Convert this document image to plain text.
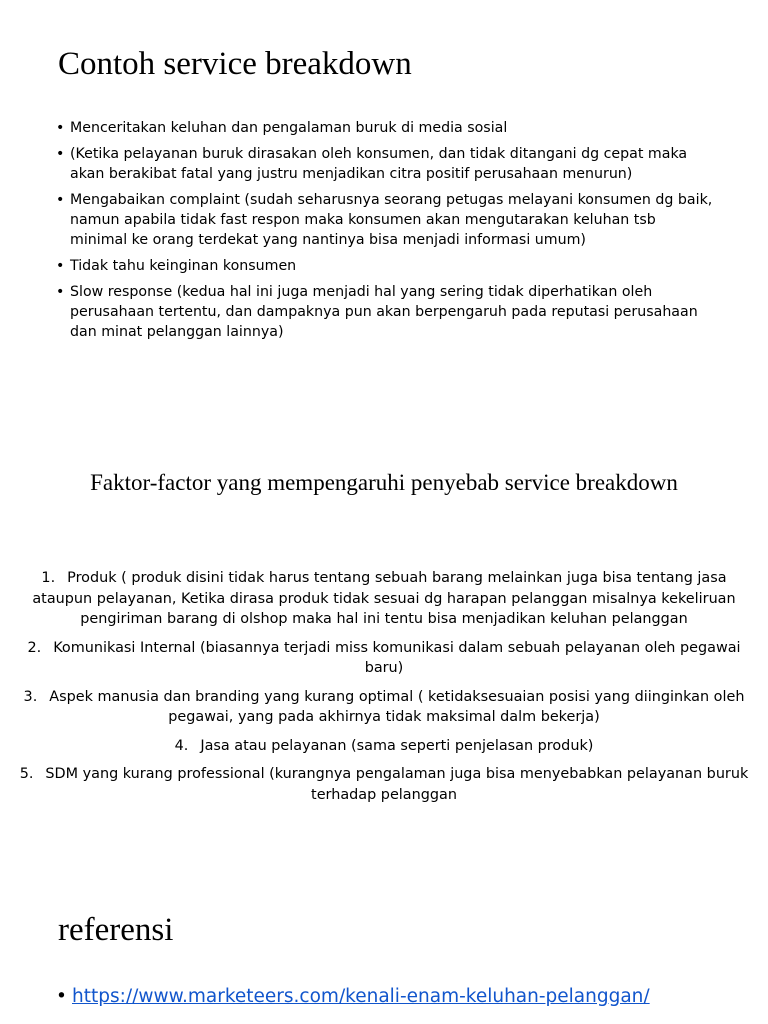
Contoh service breakdown
• Menceritakan keluhan dan pengalaman buruk di media sosial
• (Ketika pelayanan buruk dirasakan oleh konsumen, dan tidak ditangani dg cepat maka akan berakibat fatal yang justru menjadikan citra positif perusahaan menurun)
• Mengabaikan complaint (sudah seharusnya seorang petugas melayani konsumen dg baik, namun apabila tidak fast respon maka konsumen akan mengutarakan keluhan tsb minimal ke orang terdekat yang nantinya bisa menjadi informasi umum)
• Tidak tahu keinginan konsumen
• Slow response (kedua hal ini juga menjadi hal yang sering tidak diperhatikan oleh perusahaan tertentu, dan dampaknya pun akan berpengaruh pada reputasi perusahaan dan minat pelanggan lainnya)
Faktor-factor yang mempengaruhi penyebab service breakdown
1. Produk ( produk disini tidak harus tentang sebuah barang melainkan juga bisa tentang jasa ataupun pelayanan, Ketika dirasa produk tidak sesuai dg harapan pelanggan misalnya kekeliruan pengiriman barang di olshop maka hal ini tentu bisa menjadikan keluhan pelanggan
2. Komunikasi Internal (biasannya terjadi miss komunikasi dalam sebuah pelayanan oleh pegawai baru)
3. Aspek manusia dan branding yang kurang optimal ( ketidaksesuaian posisi yang diinginkan oleh pegawai, yang pada akhirnya tidak maksimal dalm bekerja)
4. Jasa atau pelayanan (sama seperti penjelasan produk)
5. SDM yang kurang professional (kurangnya pengalaman juga bisa menyebabkan pelayanan buruk terhadap pelanggan
referensi
• https://www.marketeers.com/kenali-enam-keluhan-pelanggan/
